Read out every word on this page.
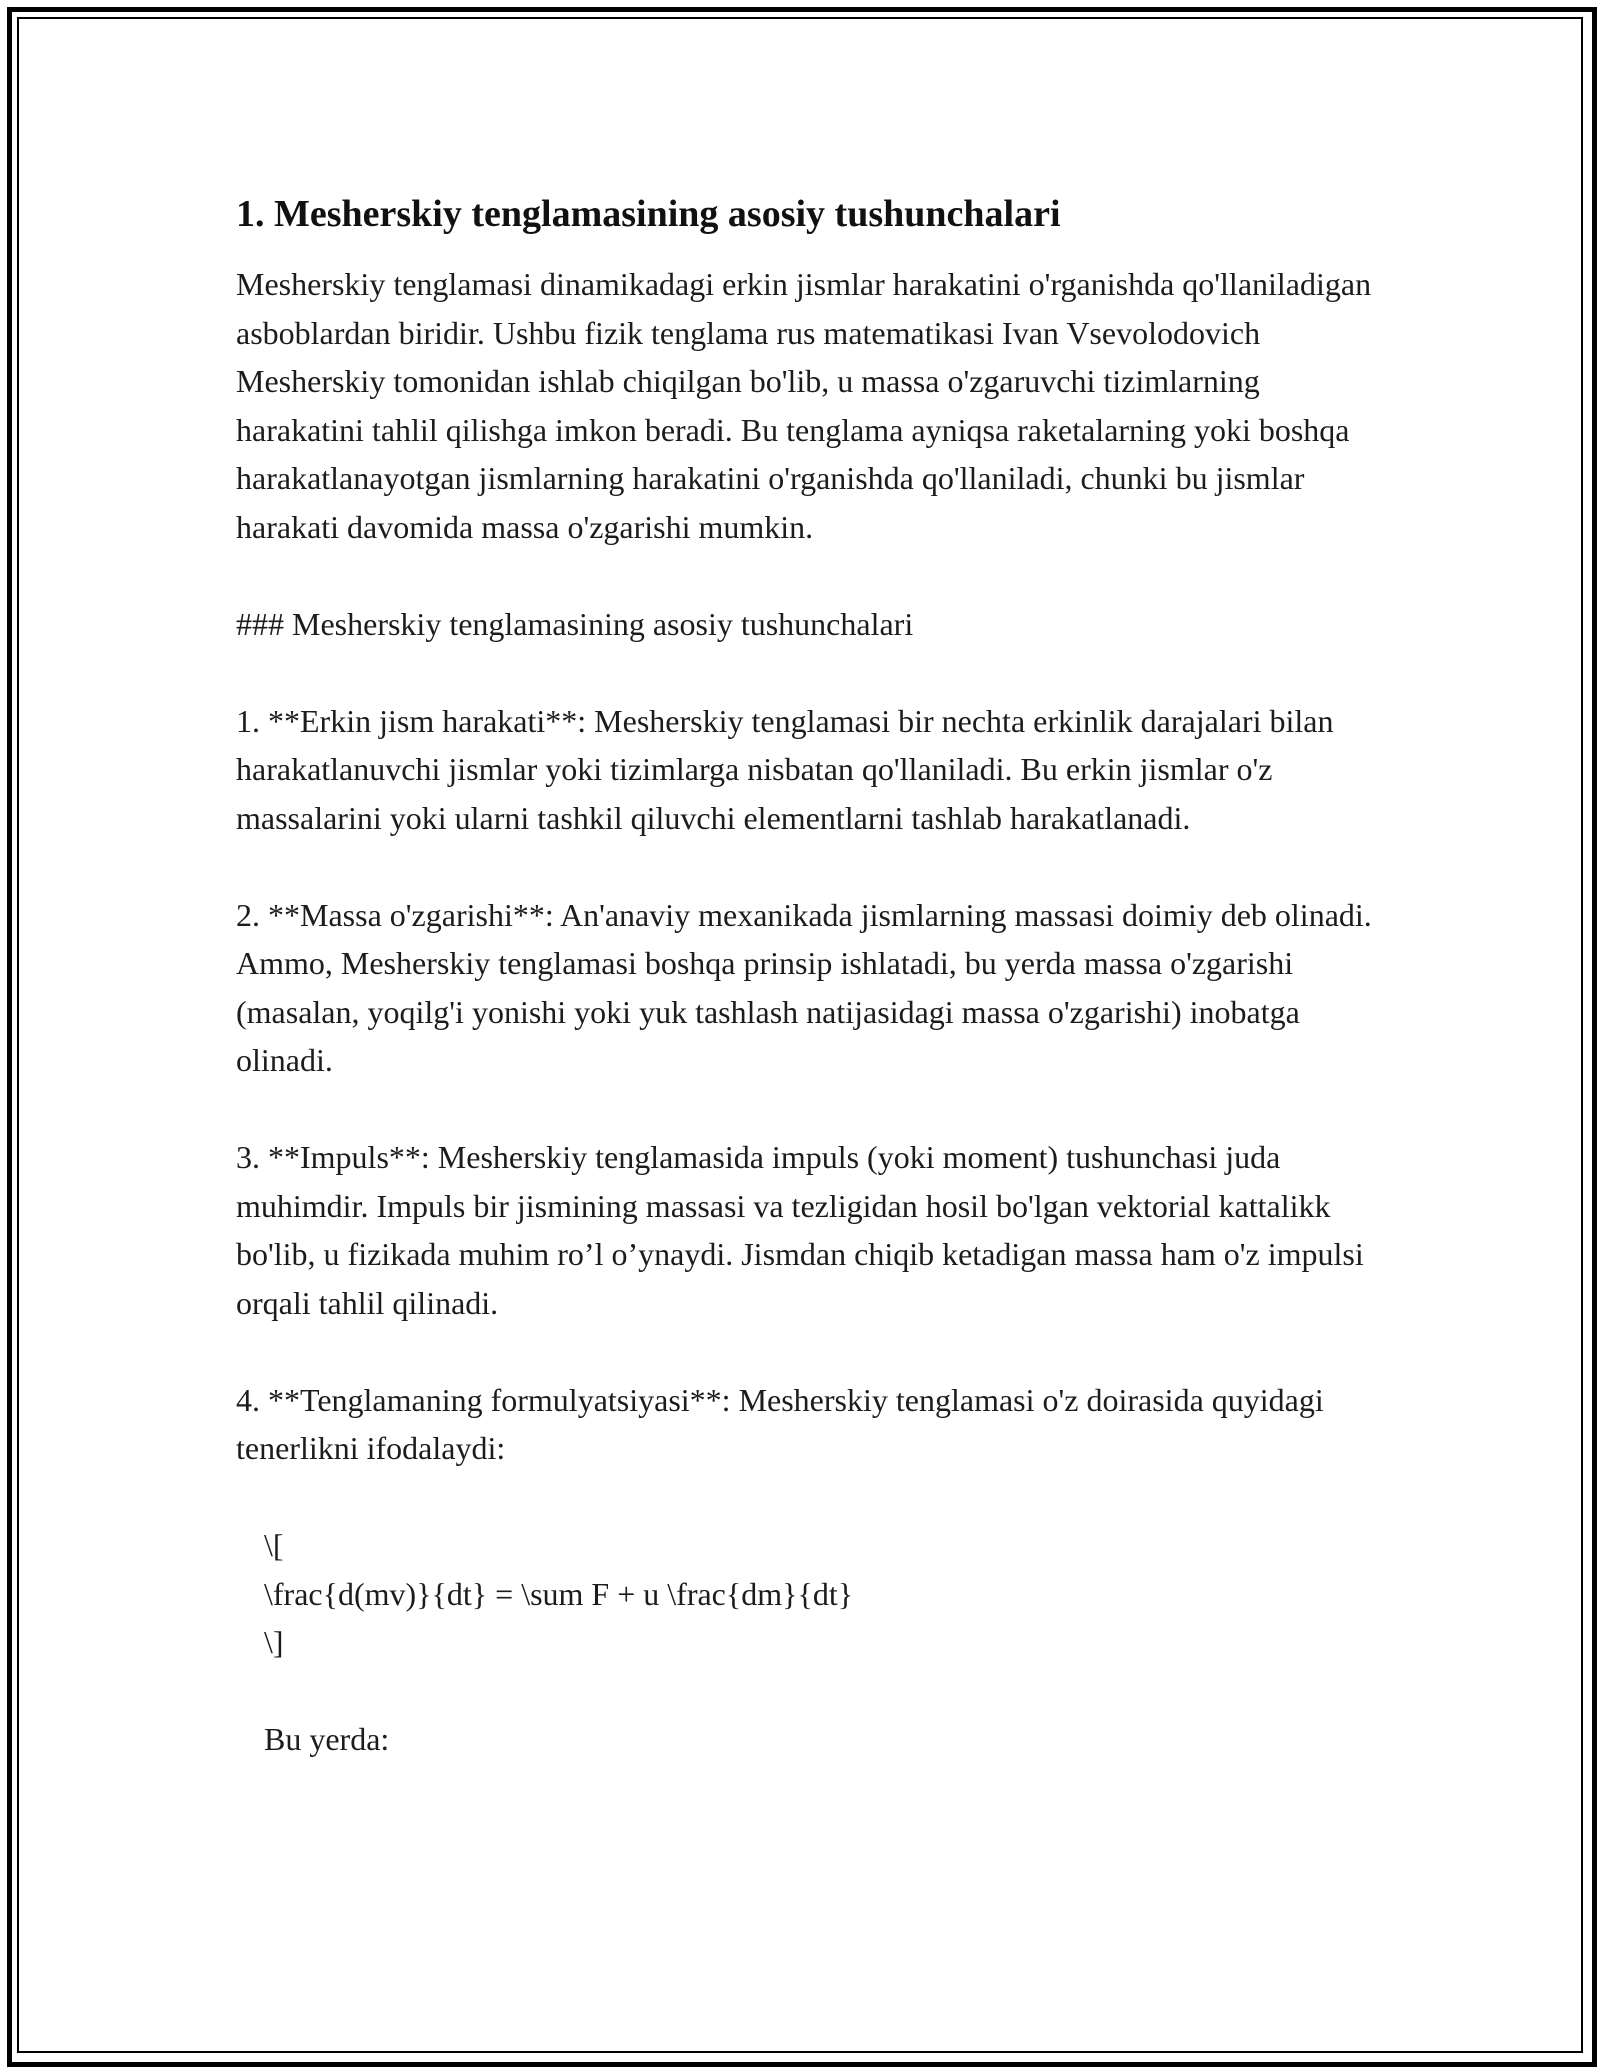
1. Mesherskiy tenglamasining asosiy tushunchalari

Mesherskiy tenglamasi dinamikadagi erkin jismlar harakatini o'rganishda qo'llaniladigan asboblardan biridir. Ushbu fizik tenglama rus matematikasi Ivan Vsevolodovich Mesherskiy tomonidan ishlab chiqilgan bo'lib, u massa o'zgaruvchi tizimlarning harakatini tahlil qilishga imkon beradi. Bu tenglama ayniqsa raketalarning yoki boshqa harakatlanayotgan jismlarning harakatini o'rganishda qo'llaniladi, chunki bu jismlar harakati davomida massa o'zgarishi mumkin.

### Mesherskiy tenglamasining asosiy tushunchalari

1. **Erkin jism harakati**: Mesherskiy tenglamasi bir nechta erkinlik darajalari bilan harakatlanuvchi jismlar yoki tizimlarga nisbatan qo'llaniladi. Bu erkin jismlar o'z massalarini yoki ularni tashkil qiluvchi elementlarni tashlab harakatlanadi.

2. **Massa o'zgarishi**: An'anaviy mexanikada jismlarning massasi doimiy deb olinadi. Ammo, Mesherskiy tenglamasi boshqa prinsip ishlatadi, bu yerda massa o'zgarishi (masalan, yoqilg'i yonishi yoki yuk tashlash natijasidagi massa o'zgarishi) inobatga olinadi.

3. **Impuls**: Mesherskiy tenglamasida impuls (yoki moment) tushunchasi juda muhimdir. Impuls bir jismining massasi va tezligidan hosil bo'lgan vektorial kattalikk bo'lib, u fizikada muhim ro’l o’ynaydi. Jismdan chiqib ketadigan massa ham o'z impulsi orqali tahlil qilinadi.

4. **Tenglamaning formulyatsiyasi**: Mesherskiy tenglamasi o'z doirasida quyidagi tenerlikni ifodalaydi:

\[

\frac{d(mv)}{dt} = \sum F + u \frac{dm}{dt}

\]

Bu yerda:
